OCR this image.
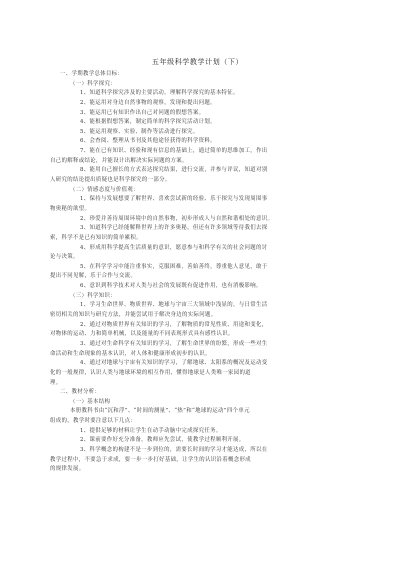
五年级科学教学计划（下）
一、学期教学总体目标：
（一）科学探究：
1、知道科学探究涉及的主要活动，理解科学探究的基本特征。
2、能运用对身边自然事物的观察，发现和提出问题。
3、能运用已有知识作出自己对问题的假想答案。
4、能根据假想答案，制定简单的科学探究活动计划。
5、能运用观察、实验、制作等活动进行探究。
6、会查阅、整理从书刊及其他途径获得的科学资料。
7、能在已有知识、经验和现有信息的基础上，通过简单的思维加工，作出
自己的解释或结论，并能设计出解决实际问题的方案。
8、能用自己擅长的方式表达探究结果，进行交流，并参与评议，知道对别
人研究的结论提出质疑也是科学探究的一部分。
（二）情感态度与价值观：
1、保持与发展想要了解世界、喜欢尝试新的经验、乐于探究与发现周围事
物奥秘的欲望。
2、珍爱并善待周围环境中的自然事物，初步形成人与自然和谐相处的意识。
3、知道科学已经能解释世界上的许多奥秘，但还有许多领域等待我们去探
索，科学不是已有知识的简单累积。
4、形成用科学提高生活质量的意识，愿意参与和科学有关的社会问题的讨
论与决策。
5、在科学学习中能注重事实，克服困难，善始善终，尊重他人意见，敢于
提出不同见解，乐于合作与交流。
6、意识到科学技术对人类与社会的发展既有促进作用，也有消极影响。
（三）科学知识：
1、学习生命世界、物质世界、地球与宇宙三大领域中浅显的，与日常生活
密切相关的知识与研究方法，并能尝试用于解决身边的实际问题。
2、通过对物质世界有关知识的学习，了解物质的常见性质、用途和变化，
对物体的运动、力和简单机械，以及能量的不同表现形式具有感性认识。
3、通过对生命科学有关知识的学习，了解生命世界的纷繁，形成一些对生
命活动和生命现象的基本认识，对人体和健康形成初步的认识。
4、通过对地球与宇宙有关知识的学习，了解地球、太阳系的概况及运动变
化的一般规律，认识人类与地球环境的相互作用，懂得地球是人类唯一家园的道
理。
二、教材分析：
（一）基本结构
本册教科书由“沉和浮”、“时间的测量”、“热”和“地球的运动”四个单元
组成的，教学时要注意以下几点：
1、提供足够的材料让学生在动手动脑中完成探究任务。
2、课前要作好充分准备，教师应先尝试，使教学过程顺利开展。
3、科学概念的构建不是一步到位的，需要长时间的学习才能达成，所以在
教学过程中，不要急于求成，要一步一步打好基础，让学生的认识沿着概念形成
的规律发展。
